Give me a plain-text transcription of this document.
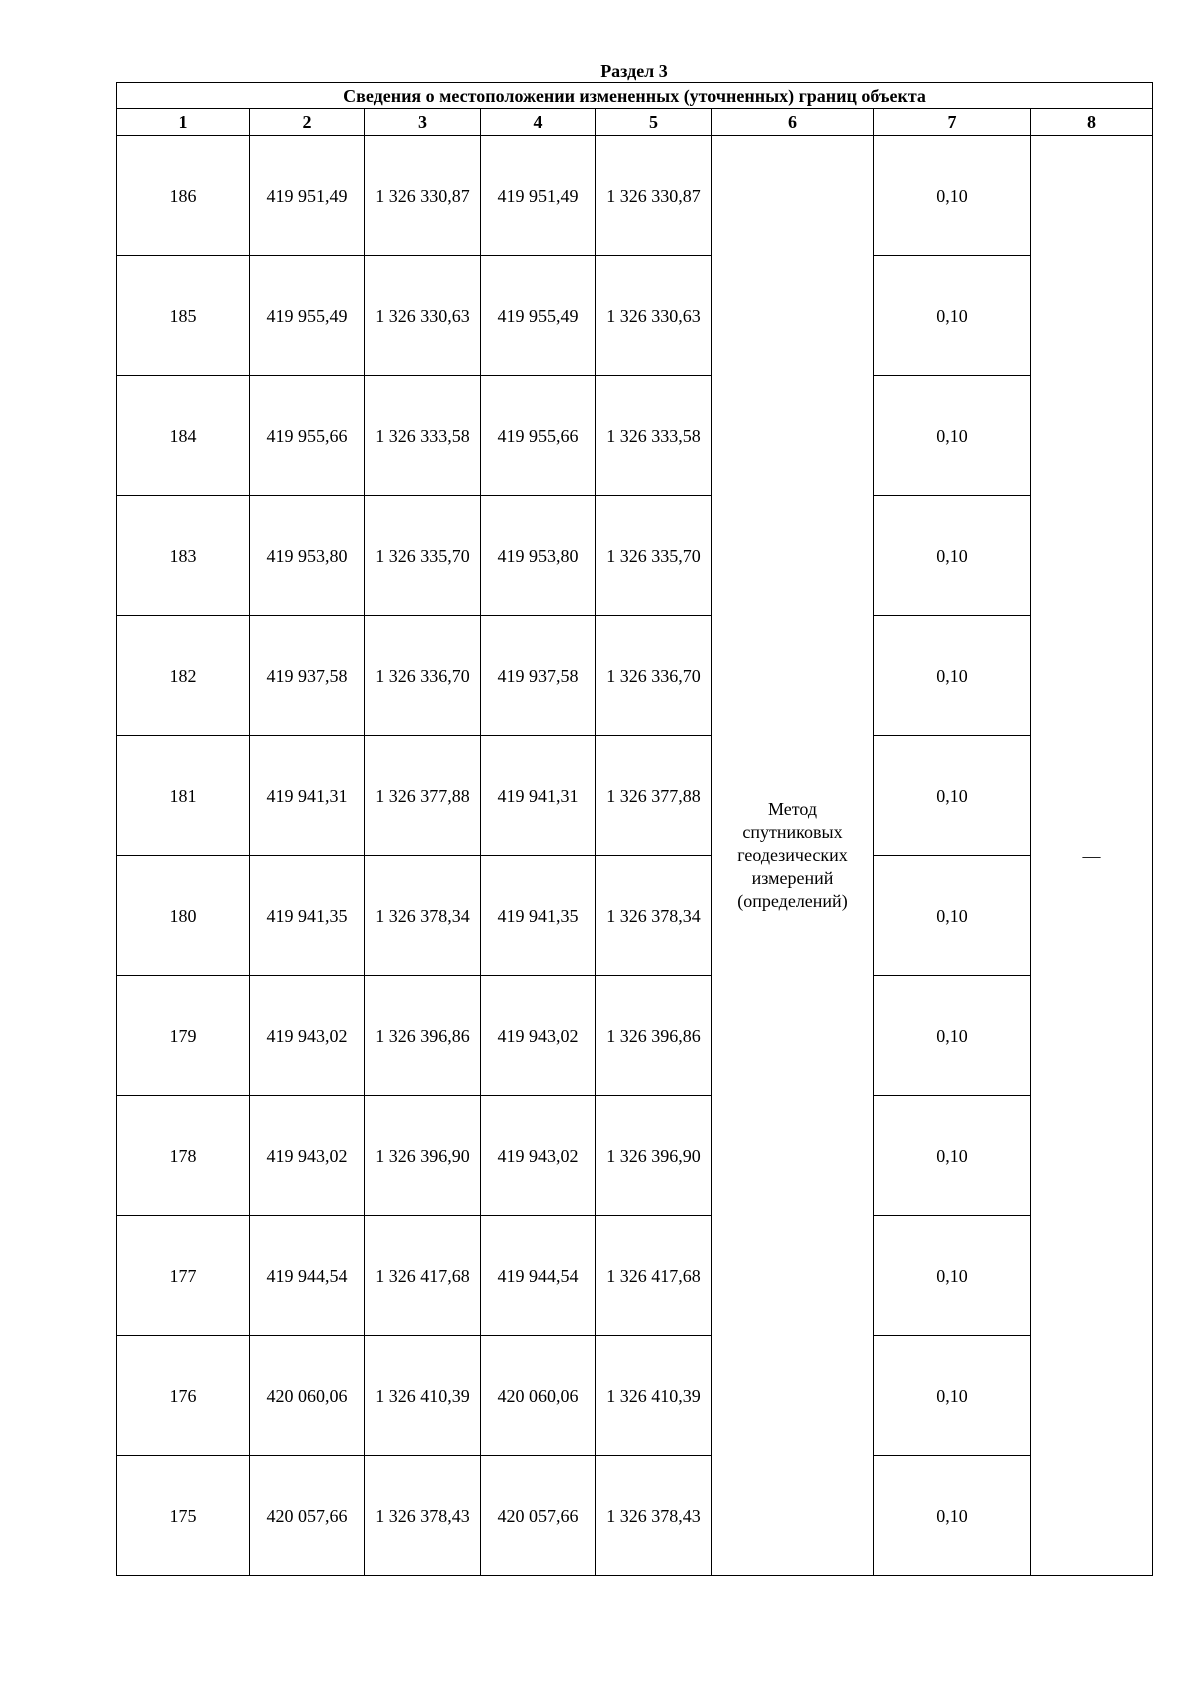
Раздел 3
Сведения о местоположении измененных (уточненных) границ объекта							
1	2	3	4	5	6	7	8
186	419 951,49	1 326 330,87	419 951,49	1 326 330,87	Метод спутниковых геодезических измерений (определений)	0,10	—
185	419 955,49	1 326 330,63	419 955,49	1 326 330,63		0,10	
184	419 955,66	1 326 333,58	419 955,66	1 326 333,58		0,10	
183	419 953,80	1 326 335,70	419 953,80	1 326 335,70		0,10	
182	419 937,58	1 326 336,70	419 937,58	1 326 336,70		0,10	
181	419 941,31	1 326 377,88	419 941,31	1 326 377,88		0,10	
180	419 941,35	1 326 378,34	419 941,35	1 326 378,34		0,10	
179	419 943,02	1 326 396,86	419 943,02	1 326 396,86		0,10	
178	419 943,02	1 326 396,90	419 943,02	1 326 396,90		0,10	
177	419 944,54	1 326 417,68	419 944,54	1 326 417,68		0,10	
176	420 060,06	1 326 410,39	420 060,06	1 326 410,39		0,10	
175	420 057,66	1 326 378,43	420 057,66	1 326 378,43		0,10	
